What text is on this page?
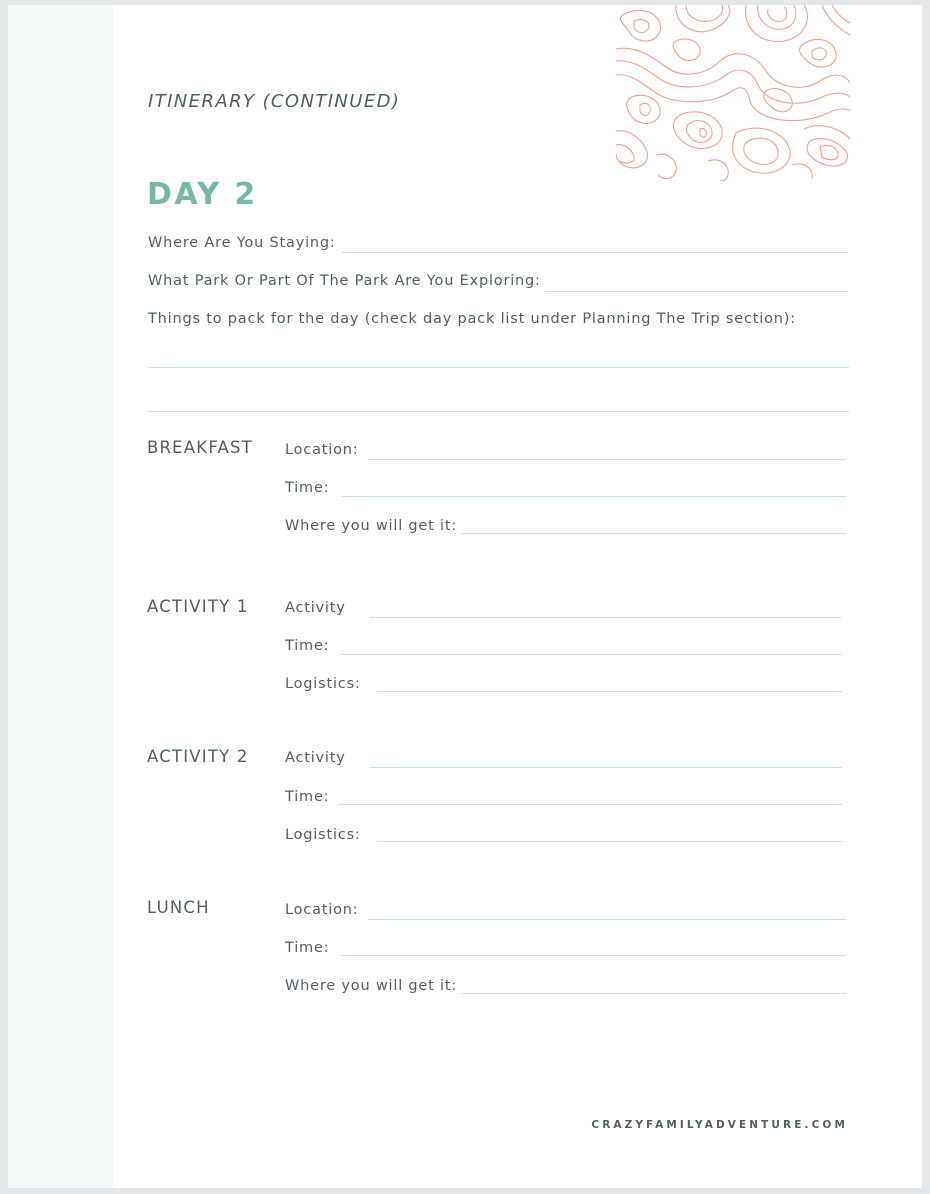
ITINERARY (CONTINUED)
DAY 2
Where Are You Staying:
What Park Or Part Of The Park Are You Exploring:
Things to pack for the day (check day pack list under Planning The Trip section):
BREAKFAST Location:
Time:
Where you will get it:
ACTIVITY 1	Activity
Time:
Logistics:
ACTIVITY 2	Activity
Time:
Logistics:
LUNCH	Location:
Time:
Where you will get it:
CRAZYFAMILYADVENTURE.COM
